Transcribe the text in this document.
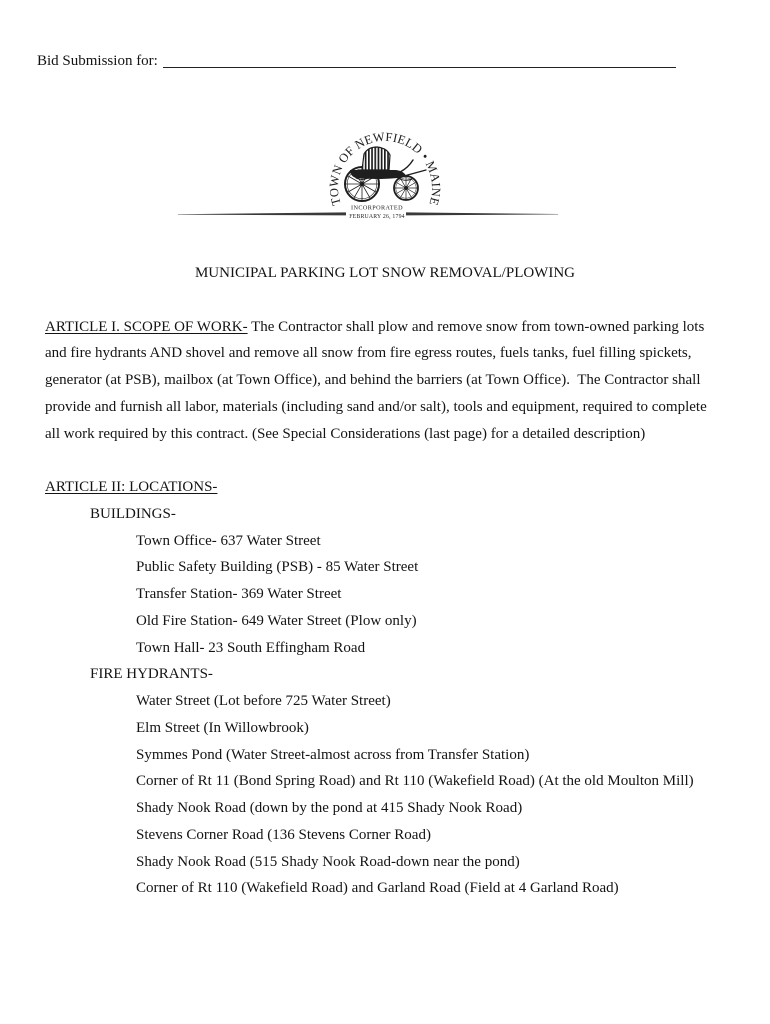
Bid Submission for:
TOWN OF NEWFIELD • MAINE
INCORPORATED
FEBRUARY 26, 1794
MUNICIPAL PARKING LOT SNOW REMOVAL/PLOWING
ARTICLE I. SCOPE OF WORK- The Contractor shall plow and remove snow from town-owned parking lots
and fire hydrants AND shovel and remove all snow from fire egress routes, fuels tanks, fuel filling spickets,
generator (at PSB), mailbox (at Town Office), and behind the barriers (at Town Office).  The Contractor shall
provide and furnish all labor, materials (including sand and/or salt), tools and equipment, required to complete
all work required by this contract. (See Special Considerations (last page) for a detailed description)
ARTICLE II: LOCATIONS-
BUILDINGS-
Town Office- 637 Water Street
Public Safety Building (PSB) - 85 Water Street
Transfer Station- 369 Water Street
Old Fire Station- 649 Water Street (Plow only)
Town Hall- 23 South Effingham Road
FIRE HYDRANTS-
Water Street (Lot before 725 Water Street)
Elm Street (In Willowbrook)
Symmes Pond (Water Street-almost across from Transfer Station)
Corner of Rt 11 (Bond Spring Road) and Rt 110 (Wakefield Road) (At the old Moulton Mill)
Shady Nook Road (down by the pond at 415 Shady Nook Road)
Stevens Corner Road (136 Stevens Corner Road)
Shady Nook Road (515 Shady Nook Road-down near the pond)
Corner of Rt 110 (Wakefield Road) and Garland Road (Field at 4 Garland Road)
